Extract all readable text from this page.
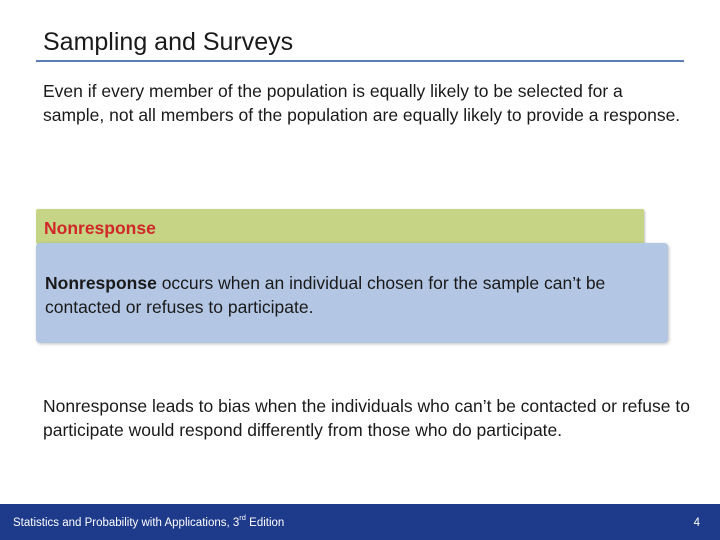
Sampling and Surveys
Even if every member of the population is equally likely to be selected for a sample, not all members of the population are equally likely to provide a response.
Nonresponse
Nonresponse occurs when an individual chosen for the sample can’t be contacted or refuses to participate.
Nonresponse leads to bias when the individuals who can’t be contacted or refuse to participate would respond differently from those who do participate.
Statistics and Probability with Applications, 3rd Edition	4
